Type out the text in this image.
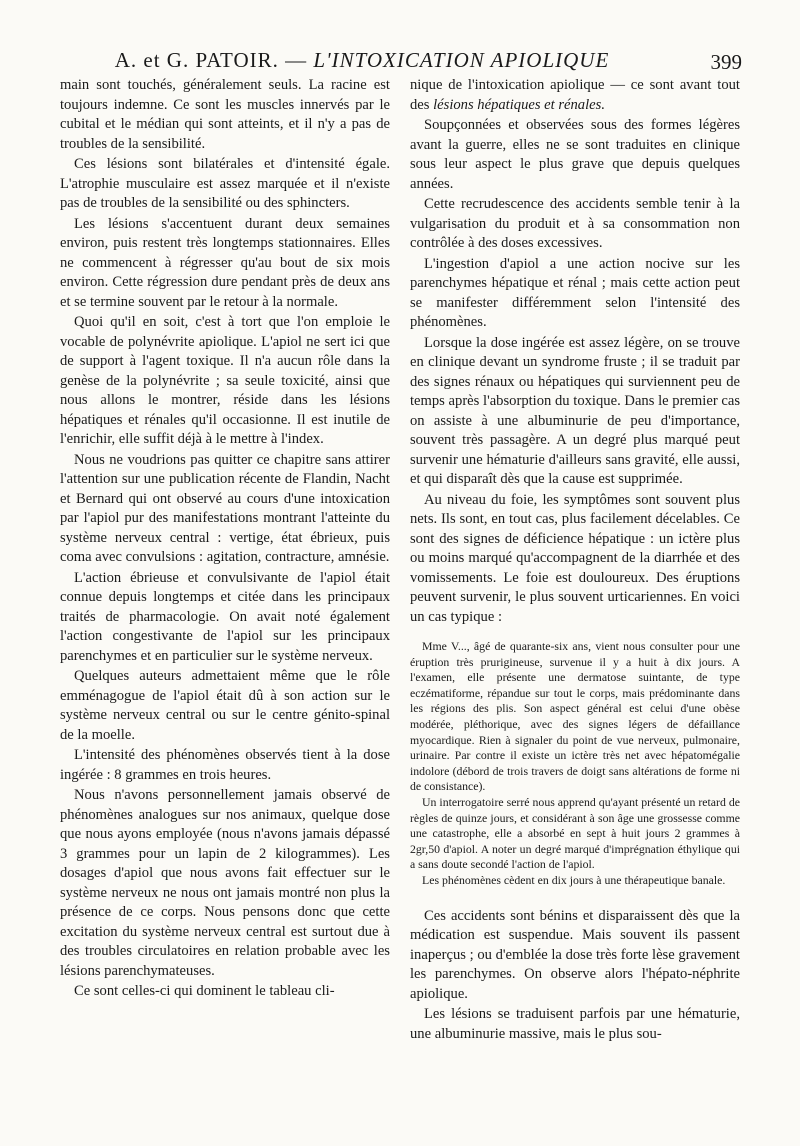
A. et G. PATOIR. — L'INTOXICATION APIOLIQUE	399

main sont touchés, généralement seuls. La racine est toujours indemne. Ce sont les muscles innervés par le cubital et le médian qui sont atteints, et il n'y a pas de troubles de la sensibilité.

Ces lésions sont bilatérales et d'intensité égale. L'atrophie musculaire est assez marquée et il n'existe pas de troubles de la sensibilité ou des sphincters.

Les lésions s'accentuent durant deux semaines environ, puis restent très longtemps stationnaires. Elles ne commencent à régresser qu'au bout de six mois environ. Cette régression dure pendant près de deux ans et se termine souvent par le retour à la normale.

Quoi qu'il en soit, c'est à tort que l'on emploie le vocable de polynévrite apiolique. L'apiol ne sert ici que de support à l'agent toxique. Il n'a aucun rôle dans la genèse de la polynévrite ; sa seule toxicité, ainsi que nous allons le montrer, réside dans les lésions hépatiques et rénales qu'il occasionne. Il est inutile de l'enrichir, elle suffit déjà à le mettre à l'index.

Nous ne voudrions pas quitter ce chapitre sans attirer l'attention sur une publication récente de Flandin, Nacht et Bernard qui ont observé au cours d'une intoxication par l'apiol pur des manifestations montrant l'atteinte du système nerveux central : vertige, état ébrieux, puis coma avec convulsions : agitation, contracture, amnésie.

L'action ébrieuse et convulsivante de l'apiol était connue depuis longtemps et citée dans les principaux traités de pharmacologie. On avait noté également l'action congestivante de l'apiol sur les principaux parenchymes et en particulier sur le système nerveux.

Quelques auteurs admettaient même que le rôle emménagogue de l'apiol était dû à son action sur le système nerveux central ou sur le centre génito-spinal de la moelle.

L'intensité des phénomènes observés tient à la dose ingérée : 8 grammes en trois heures.

Nous n'avons personnellement jamais observé de phénomènes analogues sur nos animaux, quelque dose que nous ayons employée (nous n'avons jamais dépassé 3 grammes pour un lapin de 2 kilogrammes). Les dosages d'apiol que nous avons fait effectuer sur le système nerveux ne nous ont jamais montré non plus la présence de ce corps. Nous pensons donc que cette excitation du système nerveux central est surtout due à des troubles circulatoires en relation probable avec les lésions parenchymateuses.

Ce sont celles-ci qui dominent le tableau cli-

nique de l'intoxication apiolique — ce sont avant tout des lésions hépatiques et rénales.

Soupçonnées et observées sous des formes légères avant la guerre, elles ne se sont traduites en clinique sous leur aspect le plus grave que depuis quelques années.

Cette recrudescence des accidents semble tenir à la vulgarisation du produit et à sa consommation non contrôlée à des doses excessives.

L'ingestion d'apiol a une action nocive sur les parenchymes hépatique et rénal ; mais cette action peut se manifester différemment selon l'intensité des phénomènes.

Lorsque la dose ingérée est assez légère, on se trouve en clinique devant un syndrome fruste ; il se traduit par des signes rénaux ou hépatiques qui surviennent peu de temps après l'absorption du toxique. Dans le premier cas on assiste à une albuminurie de peu d'importance, souvent très passagère. A un degré plus marqué peut survenir une hématurie d'ailleurs sans gravité, elle aussi, et qui disparaît dès que la cause est supprimée.

Au niveau du foie, les symptômes sont souvent plus nets. Ils sont, en tout cas, plus facilement décelables. Ce sont des signes de déficience hépatique : un ictère plus ou moins marqué qu'accompagnent de la diarrhée et des vomissements. Le foie est douloureux. Des éruptions peuvent survenir, le plus souvent urticariennes. En voici un cas typique :

Mme V..., âgé de quarante-six ans, vient nous consulter pour une éruption très prurigineuse, survenue il y a huit à dix jours. A l'examen, elle présente une dermatose suintante, de type eczématiforme, répandue sur tout le corps, mais prédominante dans les régions des plis. Son aspect général est celui d'une obèse modérée, pléthorique, avec des signes légers de défaillance myocardique. Rien à signaler du point de vue nerveux, pulmonaire, urinaire. Par contre il existe un ictère très net avec hépatomégalie indolore (débord de trois travers de doigt sans altérations de forme ni de consistance).

Un interrogatoire serré nous apprend qu'ayant présenté un retard de règles de quinze jours, et considérant à son âge une grossesse comme une catastrophe, elle a absorbé en sept à huit jours 2 grammes à 2gr,50 d'apiol. A noter un degré marqué d'imprégnation éthylique qui a sans doute secondé l'action de l'apiol.

Les phénomènes cèdent en dix jours à une thérapeutique banale.

Ces accidents sont bénins et disparaissent dès que la médication est suspendue. Mais souvent ils passent inaperçus ; ou d'emblée la dose très forte lèse gravement les parenchymes. On observe alors l'hépato-néphrite apiolique.

Les lésions se traduisent parfois par une hématurie, une albuminurie massive, mais le plus sou-
